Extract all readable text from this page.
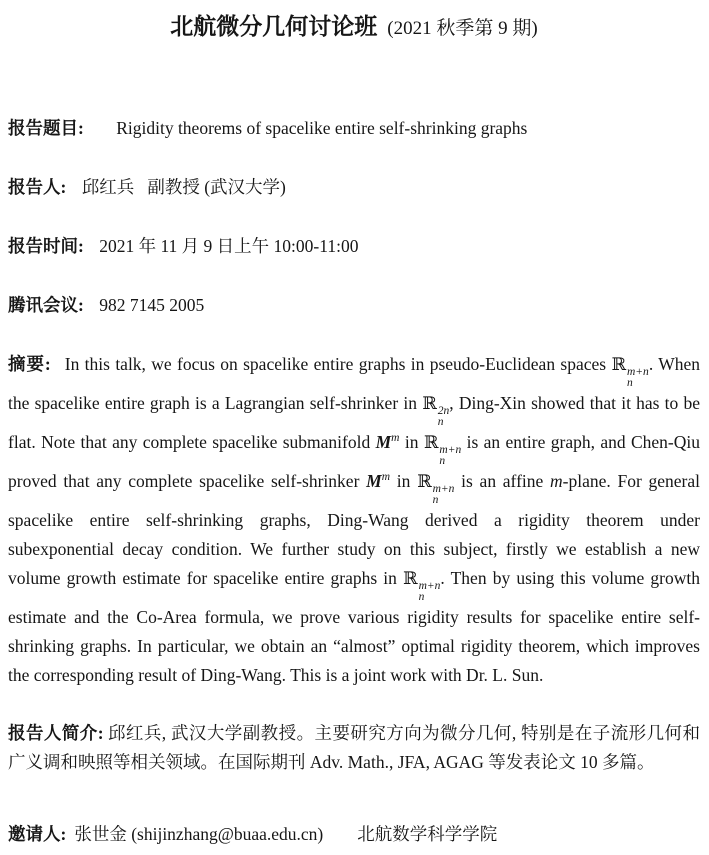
北航微分几何讨论班 (2021 秋季第 9 期)
报告题目: Rigidity theorems of spacelike entire self-shrinking graphs
报告人: 邱红兵   副教授 (武汉大学)
报告时间: 2021 年 11 月 9 日上午 10:00-11:00
腾讯会议: 982 7145 2005
摘要: In this talk, we focus on spacelike entire graphs in pseudo-Euclidean spaces ℝ m+n
n
. When the spacelike entire graph is a Lagrangian self-shrinker in ℝ 2n
n
, Ding-Xin showed that it has to be flat. Note that any complete spacelike submanifold $M^m$ in ℝ m+n
n
is an entire graph, and Chen-Qiu proved that any complete spacelike self-shrinker $M^m$ in ℝ m+n
n
is an affine m-plane. For general spacelike entire self-shrinking graphs, Ding-Wang derived a rigidity theorem under subexponential decay condition. We further study on this subject, firstly we establish a new volume growth estimate for spacelike entire graphs in ℝ m+n
n
. Then by using this volume growth estimate and the Co-Area formula, we prove various rigidity results for spacelike entire self-shrinking graphs. In particular, we obtain an “almost” optimal rigidity theorem, which improves the corresponding result of Ding-Wang. This is a joint work with Dr. L. Sun.
报告人简介: 邱红兵, 武汉大学副教授。主要研究方向为微分几何, 特别是在子流形几何和广义调和映照等相关领域。在国际期刊 Adv. Math., JFA, AGAG 等发表论文 10 多篇。
邀请人: 张世金 (shijinzhang@buaa.edu.cn) 北航数学科学学院
